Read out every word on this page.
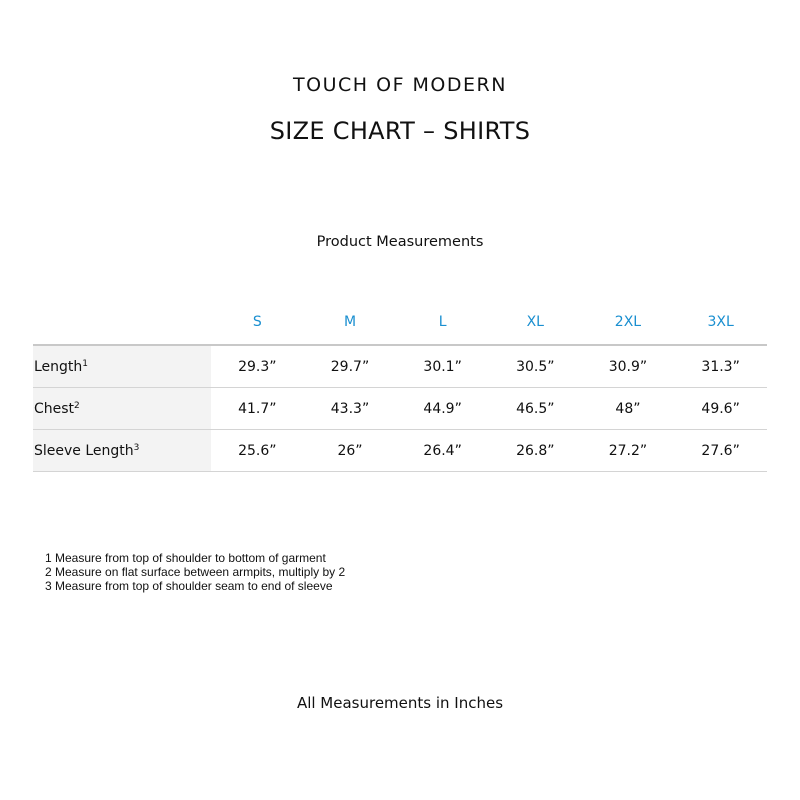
TOUCH OF MODERN
SIZE CHART – SHIRTS
Product Measurements
	S	M	L	XL	2XL	3XL
Length$^1$	29.3”	29.7”	30.1”	30.5”	30.9”	31.3”
Chest$^2$	41.7”	43.3”	44.9”	46.5”	48”	49.6”
Sleeve Length$^3$	25.6”	26”	26.4”	26.8”	27.2”	27.6”
1 Measure from top of shoulder to bottom of garment
2 Measure on flat surface between armpits, multiply by 2
3 Measure from top of shoulder seam to end of sleeve
All Measurements in Inches
